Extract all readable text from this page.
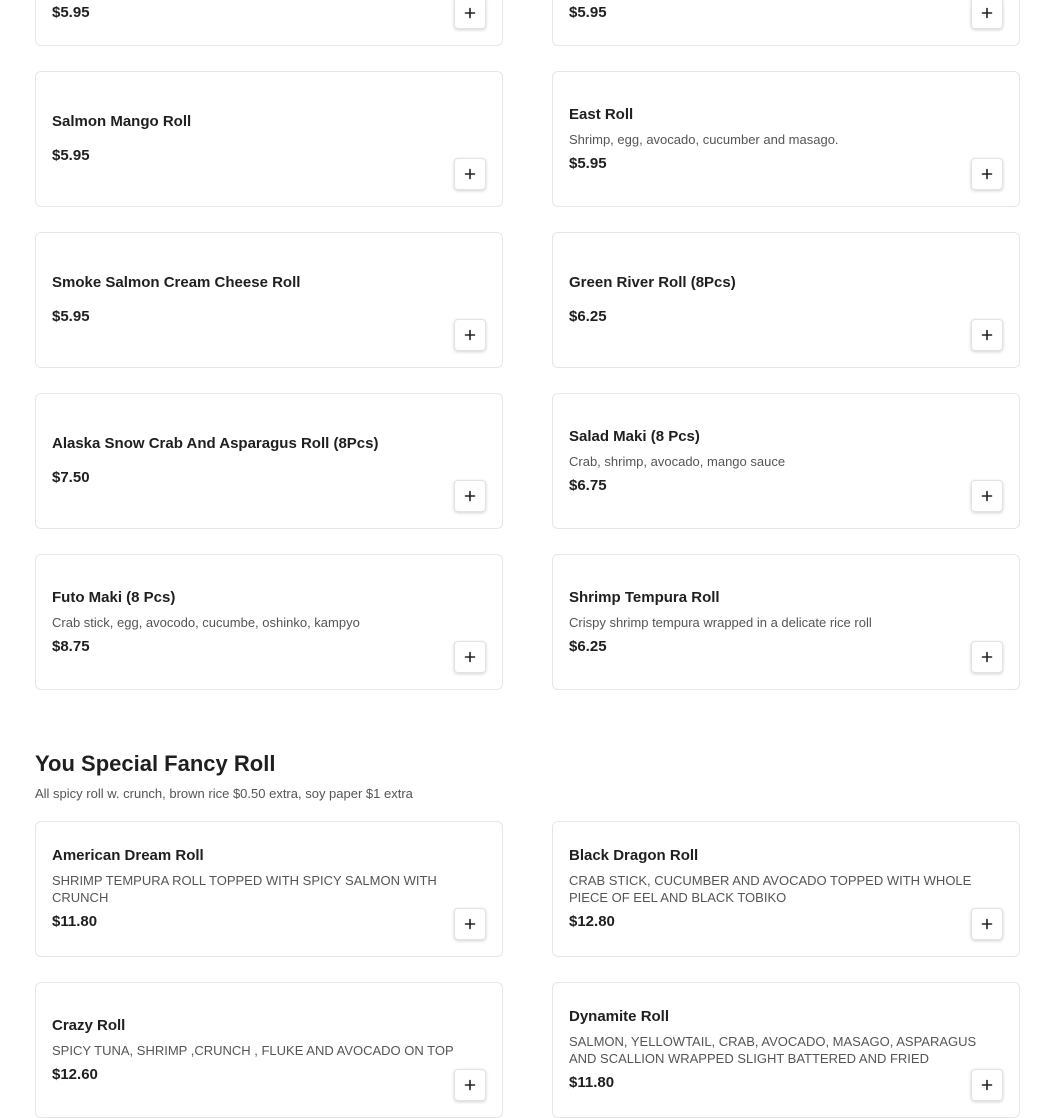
$5.95	$5.95
Salmon Mango Roll
$5.95
East Roll
Shrimp, egg, avocado, cucumber and masago.
$5.95
Smoke Salmon Cream Cheese Roll
$5.95
Green River Roll (8Pcs)
$6.25
Alaska Snow Crab And Asparagus Roll (8Pcs)
$7.50
Salad Maki (8 Pcs)
Crab, shrimp, avocado, mango sauce
$6.75
Futo Maki (8 Pcs)
Crab stick, egg, avocodo, cucumbe, oshinko, kampyo
$8.75
Shrimp Tempura Roll
Crispy shrimp tempura wrapped in a delicate rice roll
$6.25
You Special Fancy Roll
All spicy roll w. crunch, brown rice $0.50 extra, soy paper $1 extra
American Dream Roll
SHRIMP TEMPURA ROLL TOPPED WITH SPICY SALMON WITH CRUNCH
$11.80
Black Dragon Roll
CRAB STICK, CUCUMBER AND AVOCADO TOPPED WITH WHOLE PIECE OF EEL AND BLACK TOBIKO
$12.80
Crazy Roll
SPICY TUNA, SHRIMP ,CRUNCH , FLUKE AND AVOCADO ON TOP
$12.60
Dynamite Roll
SALMON, YELLOWTAIL, CRAB, AVOCADO, MASAGO, ASPARAGUS AND SCALLION WRAPPED SLIGHT BATTERED AND FRIED
$11.80
